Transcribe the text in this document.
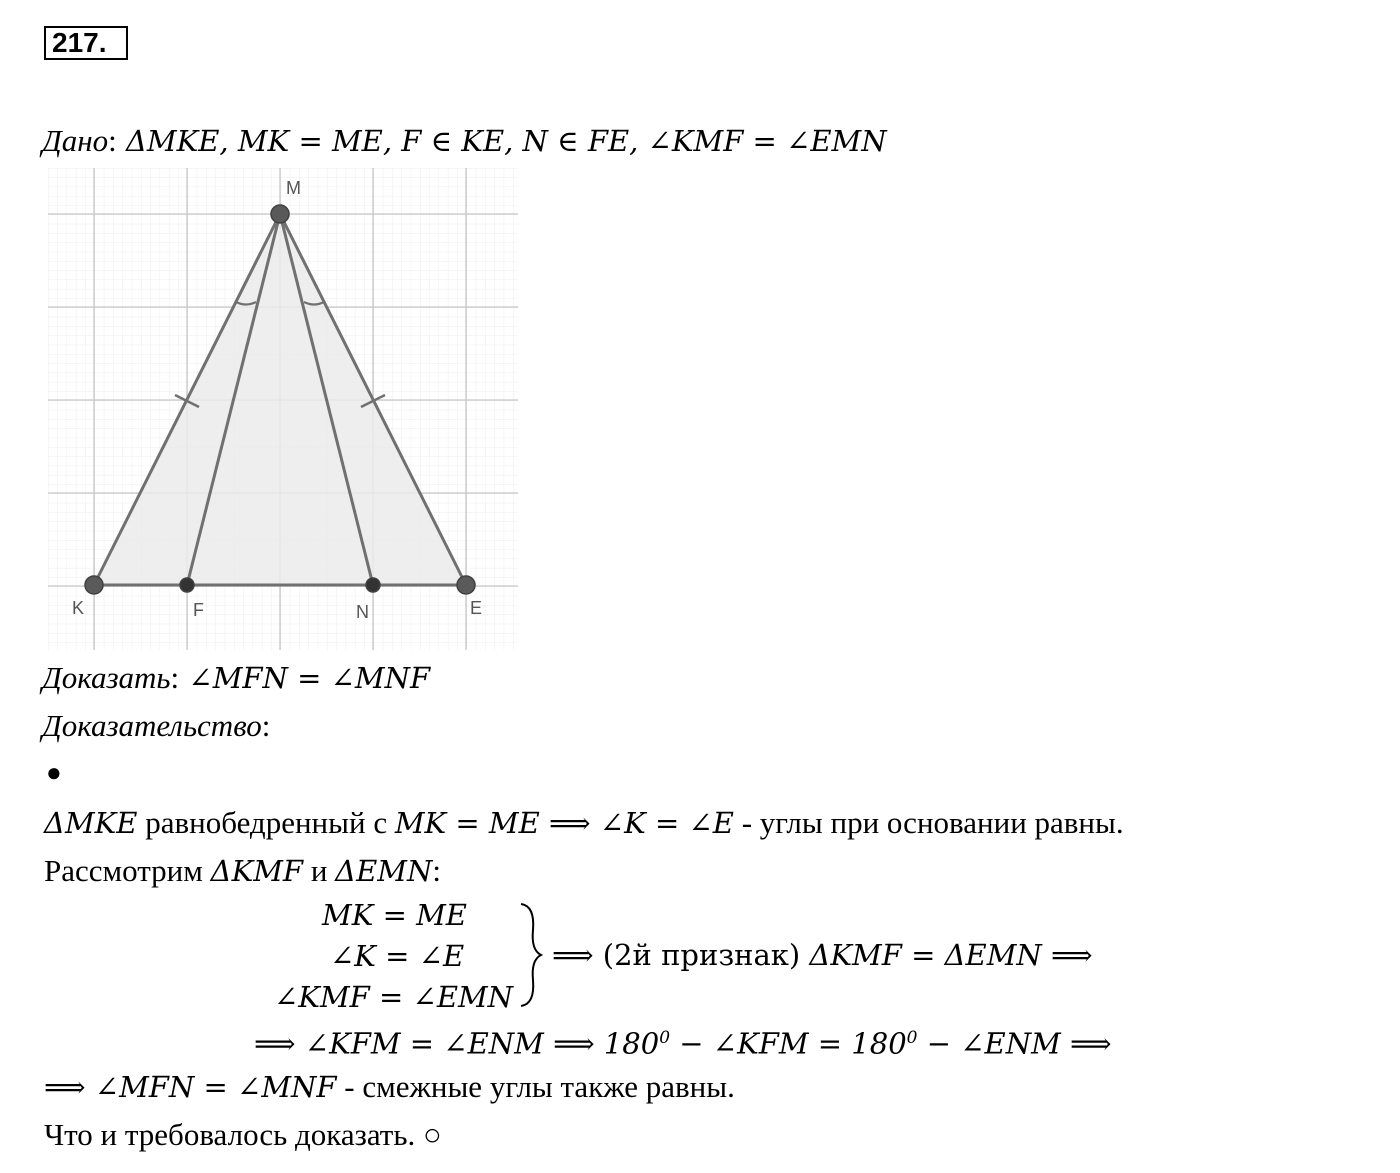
217.
Дано: ΔMKE, MK = ME, F ∈ KE, N ∈ FE, ∠KMF = ∠EMN
M
K	F	N	E
Доказать: ∠MFN = ∠MNF
Доказательство:
●
ΔMKE равнобедренный с MK = ME ⟹ ∠K = ∠E - углы при основании равны.
Рассмотрим ΔKMF и ΔEMN:
MK = ME
∠K = ∠E
∠KMF = ∠EMN
⟹ (2й признак) ΔKMF = ΔEMN ⟹
⟹ ∠KFM = ∠ENM ⟹ $180^0$ − ∠KFM = $180^0$ − ∠ENM ⟹
⟹ ∠MFN = ∠MNF - смежные углы также равны.
Что и требовалось доказать. ○
